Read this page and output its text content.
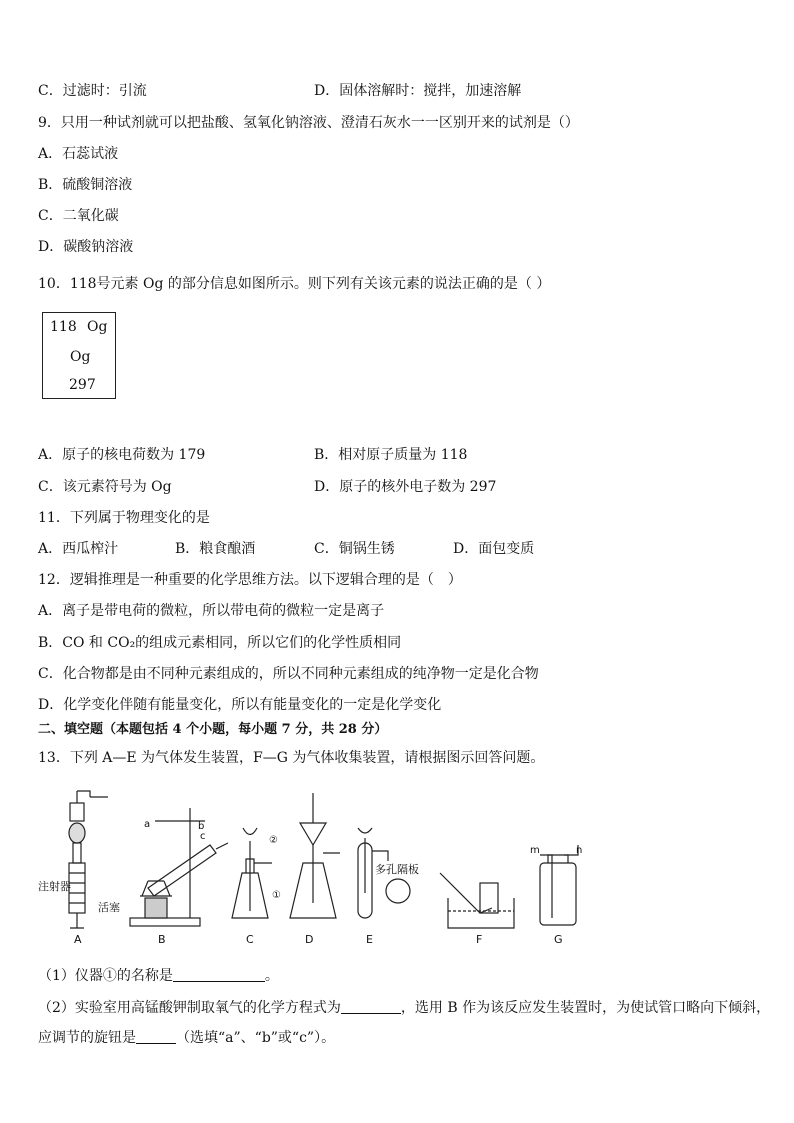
C．过滤时：引流	D．固体溶解时：搅拌，加速溶解
9．只用一种试剂就可以把盐酸、氢氧化钠溶液、澄清石灰水一一区别开来的试剂是（）
A．石蕊试液
B．硫酸铜溶液
C．二氧化碳
D．碳酸钠溶液
10．118号元素 Og 的部分信息如图所示。则下列有关该元素的说法正确的是（ ）
118 Og
Og
297
A．原子的核电荷数为 179	B．相对原子质量为 118
C．该元素符号为 Og	D．原子的核外电子数为 297
11．下列属于物理变化的是
A．西瓜榨汁	B．粮食酿酒	C．铜锅生锈	D．面包变质
12．逻辑推理是一种重要的化学思维方法。以下逻辑合理的是（　）
A．离子是带电荷的微粒，所以带电荷的微粒一定是离子
B．CO 和 CO₂的组成元素相同，所以它们的化学性质相同
C．化合物都是由不同种元素组成的，所以不同种元素组成的纯净物一定是化合物
D．化学变化伴随有能量变化，所以有能量变化的一定是化学变化
二、填空题（本题包括 4 个小题，每小题 7 分，共 28 分）
13．下列 A—E 为气体发生装置，F—G 为气体收集装置，请根据图示回答问题。
注射器
活塞
A
a	b
c
B
②
①
C	D
多孔隔板
E	F
m	n
G
（1）仪器①的名称是	。
（2）实验室用高锰酸钾制取氧气的化学方程式为	，选用 B 作为该反应发生装置时，为使试管口略向下倾斜，
应调节的旋钮是	（选填“a”、“b”或“c”）。
